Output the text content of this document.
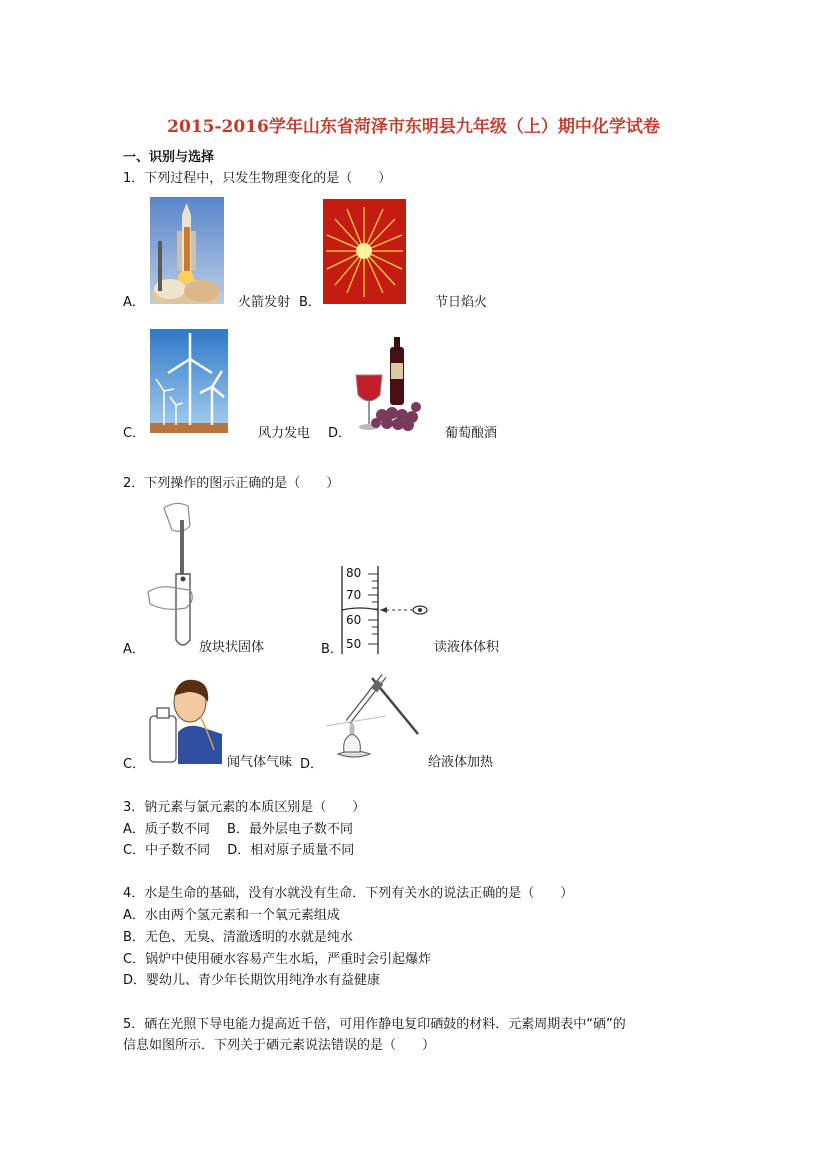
2015-2016学年山东省菏泽市东明县九年级（上）期中化学试卷
一、识别与选择
1．下列过程中，只发生物理变化的是（　　）
A．	火箭发射 B．	节日焰火
C．	风力发电 D．	葡萄酿酒
2．下列操作的图示正确的是（　　）
A．	放块状固体
80
70
60
50
B．	读液体体积
C．	闻气体气味 D．	给液体加热
3．钠元素与氯元素的本质区别是（　　）
A．质子数不同　 B．最外层电子数不同
C．中子数不同　 D．相对原子质量不同
4．水是生命的基础，没有水就没有生命．下列有关水的说法正确的是（　　）
A．水由两个氢元素和一个氧元素组成
B．无色、无臭、清澈透明的水就是纯水
C．锅炉中使用硬水容易产生水垢，严重时会引起爆炸
D．婴幼儿、青少年长期饮用纯净水有益健康
5．硒在光照下导电能力提高近千倍，可用作静电复印硒鼓的材料．元素周期表中“硒”的
信息如图所示．下列关于硒元素说法错误的是（　　）
